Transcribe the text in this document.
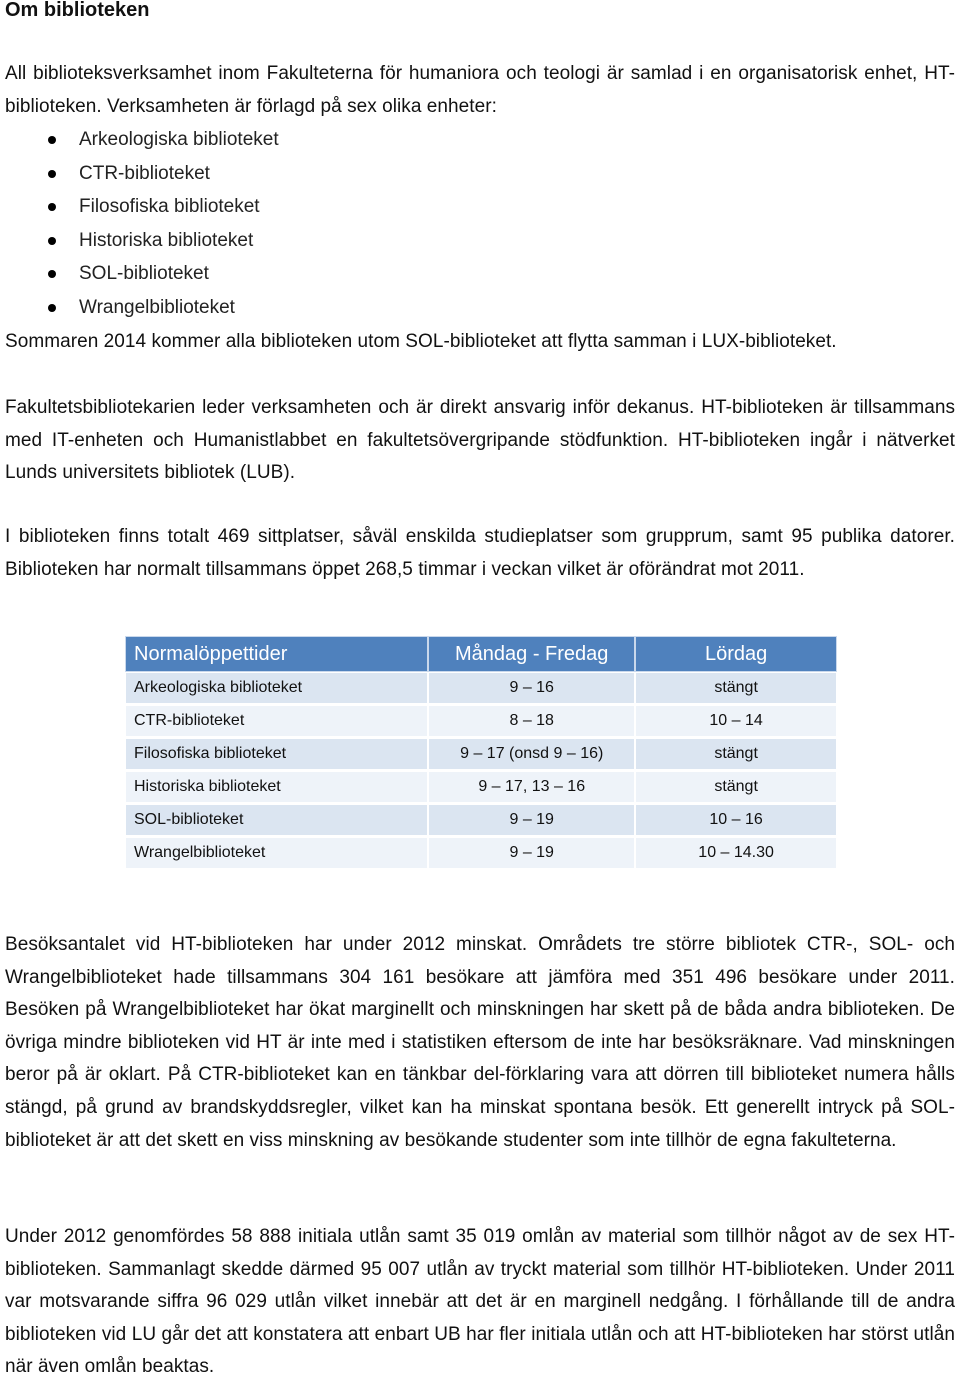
Om biblioteken

All biblioteksverksamhet inom Fakulteterna för humaniora och teologi är samlad i en organisatorisk enhet, HT-biblioteken. Verksamheten är förlagd på sex olika enheter:

Arkeologiska biblioteket
CTR-biblioteket
Filosofiska biblioteket
Historiska biblioteket
SOL-biblioteket
Wrangelbiblioteket

Sommaren 2014 kommer alla biblioteken utom SOL-biblioteket att flytta samman i LUX-biblioteket.

Fakultetsbibliotekarien leder verksamheten och är direkt ansvarig inför dekanus. HT-biblioteken är tillsammans med IT-enheten och Humanistlabbet en fakultetsövergripande stödfunktion. HT-biblioteken ingår i nätverket Lunds universitets bibliotek (LUB).

I biblioteken finns totalt 469 sittplatser, såväl enskilda studieplatser som grupprum, samt 95 publika datorer. Biblioteken har normalt tillsammans öppet 268,5 timmar i veckan vilket är oförändrat mot 2011.

Normalöppettider	Måndag - Fredag	Lördag
Arkeologiska biblioteket	9 – 16	stängt
CTR-biblioteket	8 – 18	10 – 14
Filosofiska biblioteket	9 – 17 (onsd 9 – 16)	stängt
Historiska biblioteket	9 – 17, 13 – 16	stängt
SOL-biblioteket	9 – 19	10 – 16
Wrangelbiblioteket	9 – 19	10 – 14.30

Besöksantalet vid HT-biblioteken har under 2012 minskat. Områdets tre större bibliotek CTR-, SOL- och Wrangelbiblioteket hade tillsammans 304 161 besökare att jämföra med 351 496 besökare under 2011. Besöken på Wrangelbiblioteket har ökat marginellt och minskningen har skett på de båda andra biblioteken. De övriga mindre biblioteken vid HT är inte med i statistiken eftersom de inte har besöksräknare. Vad minskningen beror på är oklart. På CTR-biblioteket kan en tänkbar del-förklaring vara att dörren till biblioteket numera hålls stängd, på grund av brandskyddsregler, vilket kan ha minskat spontana besök. Ett generellt intryck på SOL-biblioteket är att det skett en viss minskning av besökande studenter som inte tillhör de egna fakulteterna.

Under 2012 genomfördes 58 888 initiala utlån samt 35 019 omlån av material som tillhör något av de sex HT-biblioteken. Sammanlagt skedde därmed 95 007 utlån av tryckt material som tillhör HT-biblioteken. Under 2011 var motsvarande siffra 96 029 utlån vilket innebär att det är en marginell nedgång. I förhållande till de andra biblioteken vid LU går det att konstatera att enbart UB har fler initiala utlån och att HT-biblioteken har störst utlån när även omlån beaktas.
